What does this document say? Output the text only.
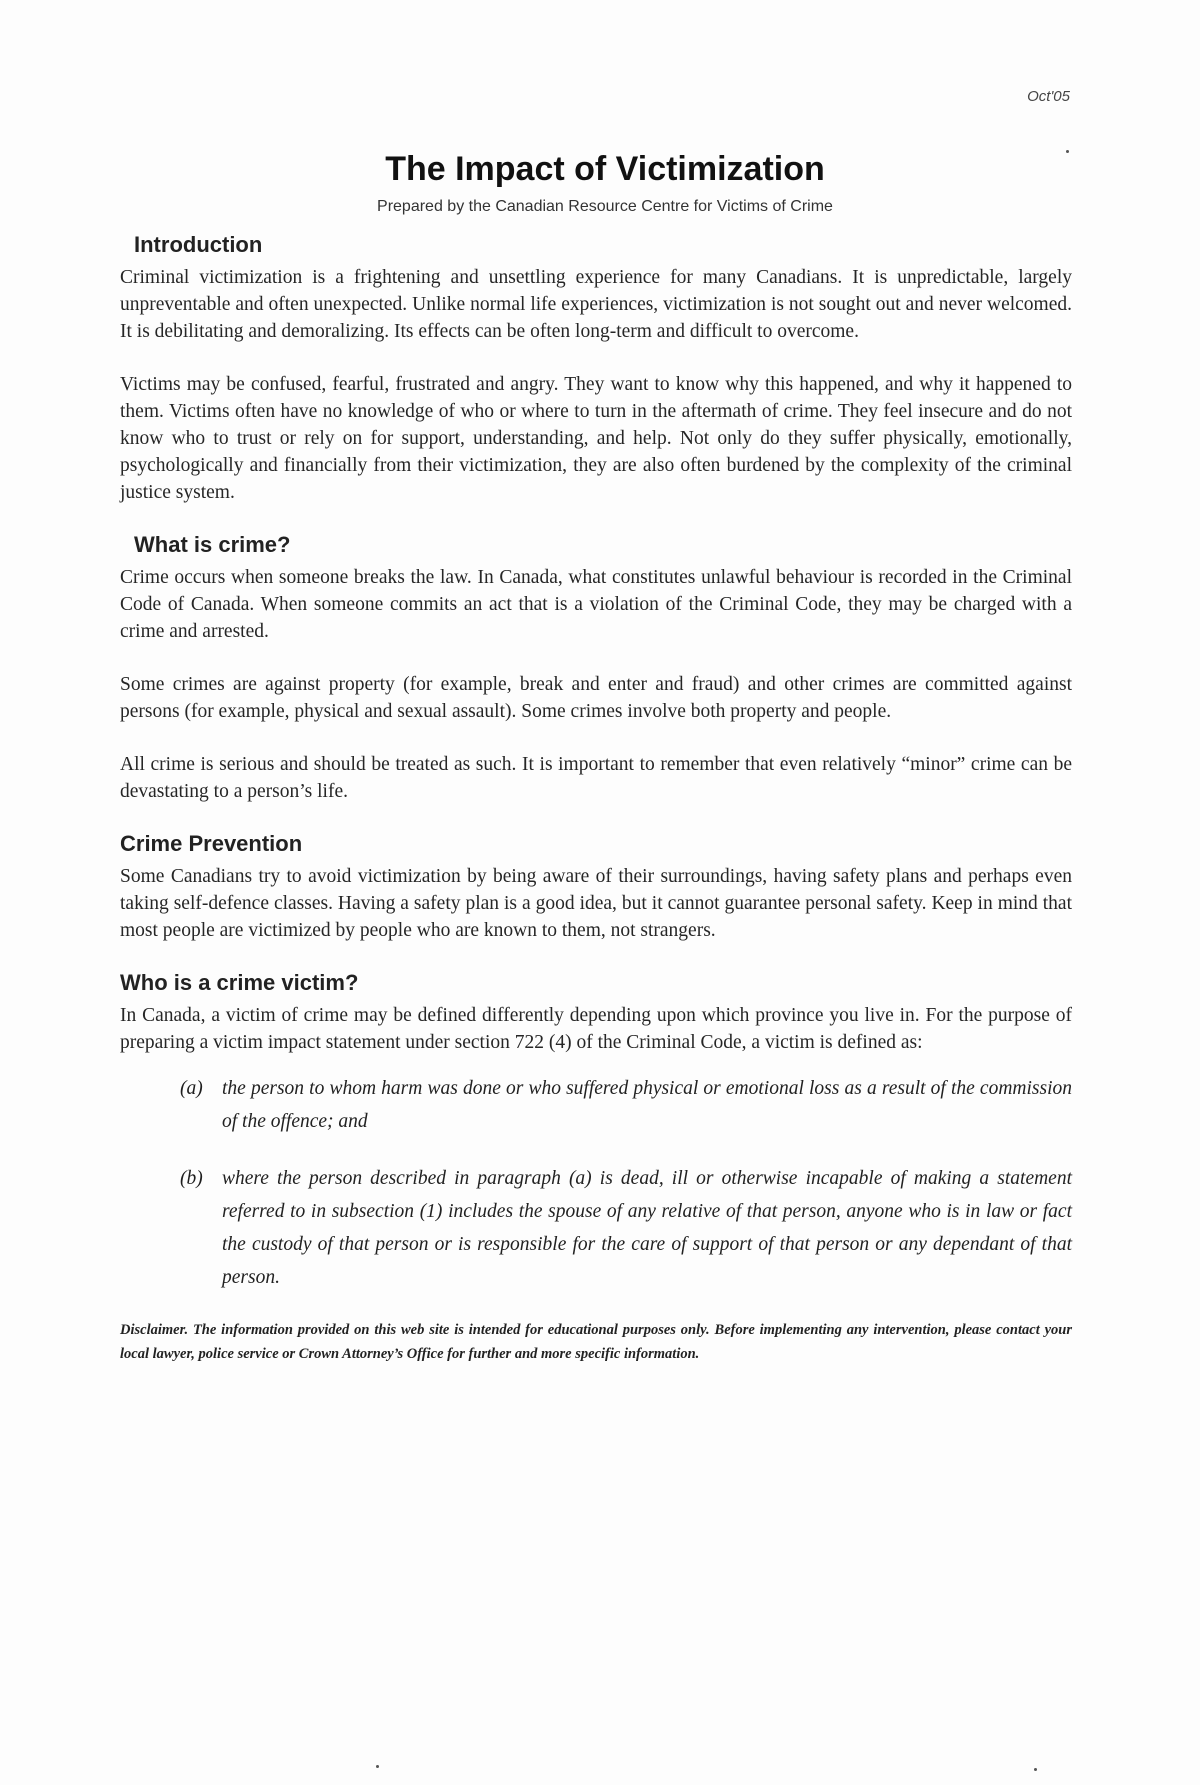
Oct'05
The Impact of Victimization
Prepared by the Canadian Resource Centre for Victims of Crime
Introduction

Criminal victimization is a frightening and unsettling experience for many Canadians. It is unpredictable, largely unpreventable and often unexpected. Unlike normal life experiences, victimization is not sought out and never welcomed. It is debilitating and demoralizing. Its effects can be often long-term and difficult to overcome.

Victims may be confused, fearful, frustrated and angry. They want to know why this happened, and why it happened to them. Victims often have no knowledge of who or where to turn in the aftermath of crime. They feel insecure and do not know who to trust or rely on for support, understanding, and help. Not only do they suffer physically, emotionally, psychologically and financially from their victimization, they are also often burdened by the complexity of the criminal justice system.

What is crime?

Crime occurs when someone breaks the law. In Canada, what constitutes unlawful behaviour is recorded in the Criminal Code of Canada. When someone commits an act that is a violation of the Criminal Code, they may be charged with a crime and arrested.

Some crimes are against property (for example, break and enter and fraud) and other crimes are committed against persons (for example, physical and sexual assault). Some crimes involve both property and people.

All crime is serious and should be treated as such. It is important to remember that even relatively “minor” crime can be devastating to a person’s life.

Crime Prevention

Some Canadians try to avoid victimization by being aware of their surroundings, having safety plans and perhaps even taking self-defence classes. Having a safety plan is a good idea, but it cannot guarantee personal safety. Keep in mind that most people are victimized by people who are known to them, not strangers.

Who is a crime victim?

In Canada, a victim of crime may be defined differently depending upon which province you live in. For the purpose of preparing a victim impact statement under section 722 (4) of the Criminal Code, a victim is defined as:

(a) the person to whom harm was done or who suffered physical or emotional loss as a result of the commission of the offence; and
(b) where the person described in paragraph (a) is dead, ill or otherwise incapable of making a statement referred to in subsection (1) includes the spouse of any relative of that person, anyone who is in law or fact the custody of that person or is responsible for the care of support of that person or any dependant of that person.
Disclaimer. The information provided on this web site is intended for educational purposes only. Before implementing any intervention, please contact your local lawyer, police service or Crown Attorney’s Office for further and more specific information.
